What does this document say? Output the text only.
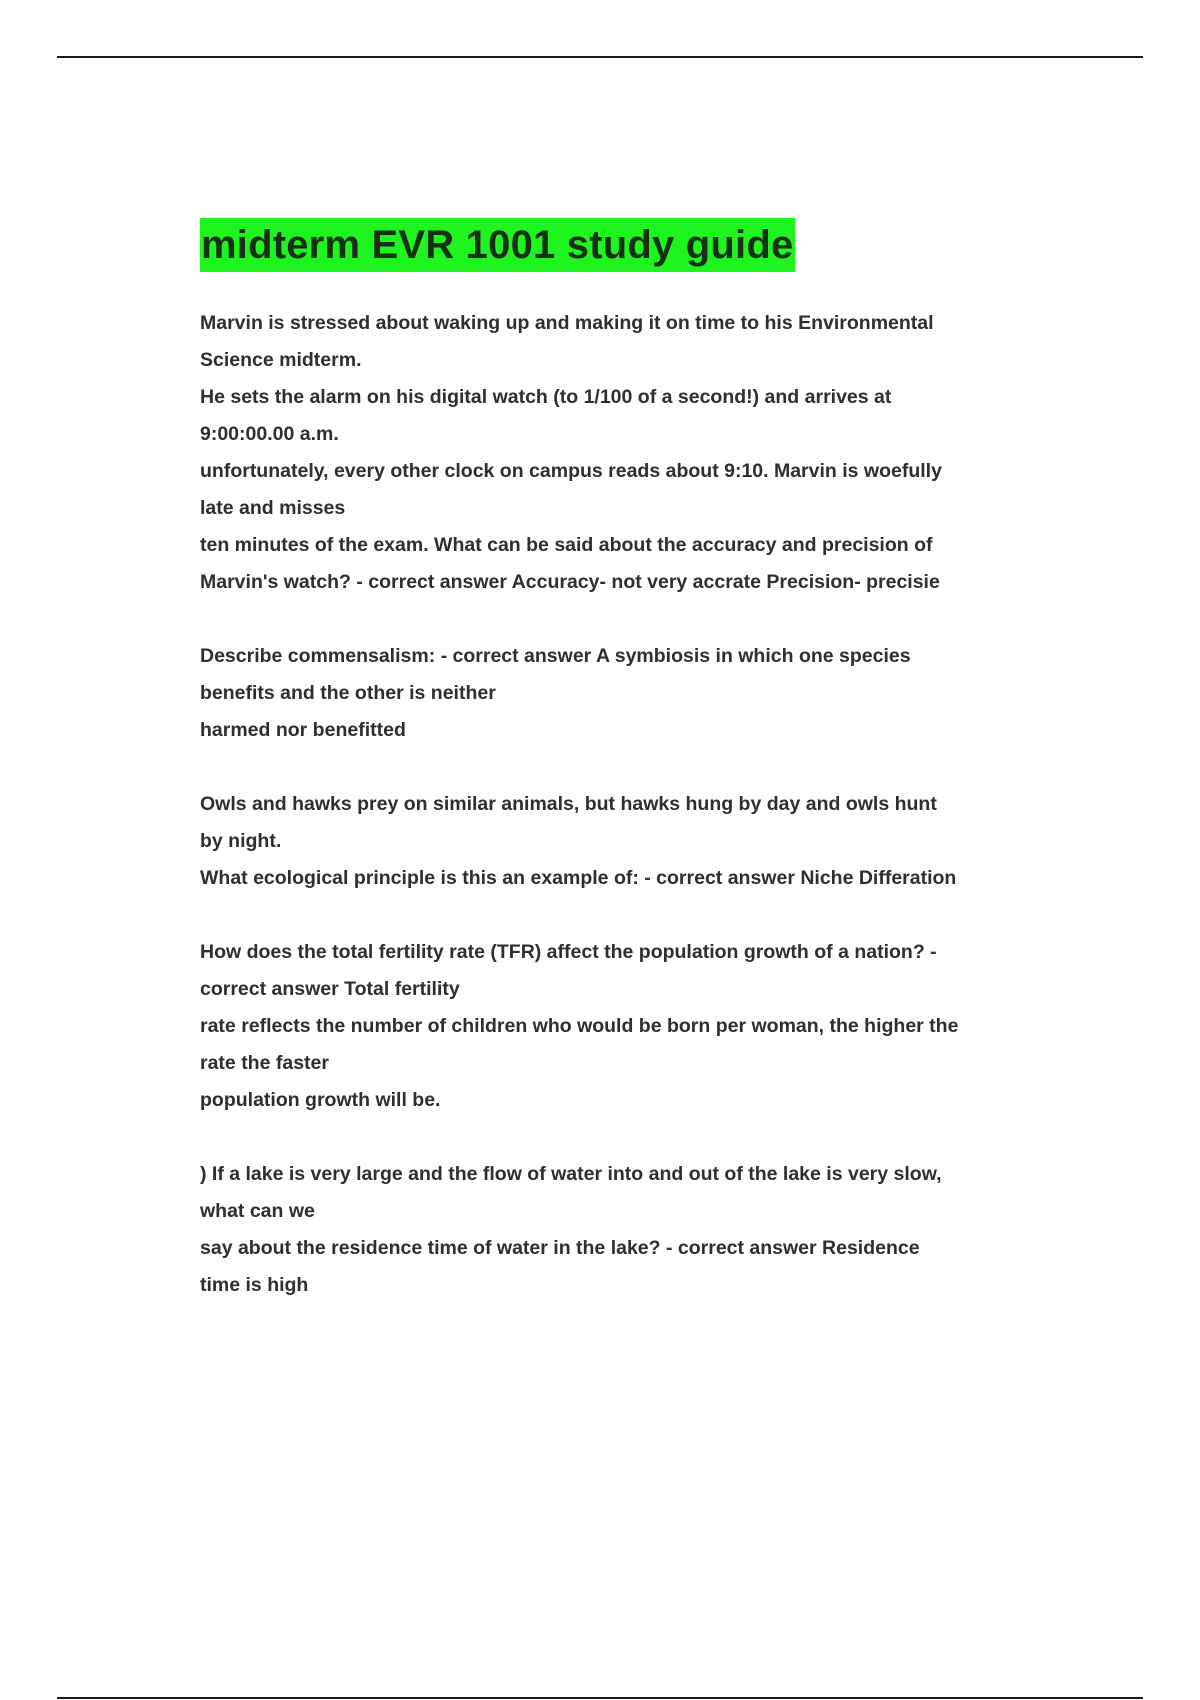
midterm EVR 1001 study guide
Marvin is stressed about waking up and making it on time to his Environmental
Science midterm.
He sets the alarm on his digital watch (to 1/100 of a second!) and arrives at
9:00:00.00 a.m.
unfortunately, every other clock on campus reads about 9:10. Marvin is woefully
late and misses
ten minutes of the exam. What can be said about the accuracy and precision of
Marvin's watch? - correct answer Accuracy- not very accrate Precision- precisie
Describe commensalism: - correct answer A symbiosis in which one species
benefits and the other is neither
harmed nor benefitted
Owls and hawks prey on similar animals, but hawks hung by day and owls hunt
by night.
What ecological principle is this an example of: - correct answer Niche Differation
How does the total fertility rate (TFR) affect the population growth of a nation? -
correct answer Total fertility
rate reflects the number of children who would be born per woman, the higher the
rate the faster
population growth will be.
) If a lake is very large and the flow of water into and out of the lake is very slow,
what can we
say about the residence time of water in the lake? - correct answer Residence
time is high
